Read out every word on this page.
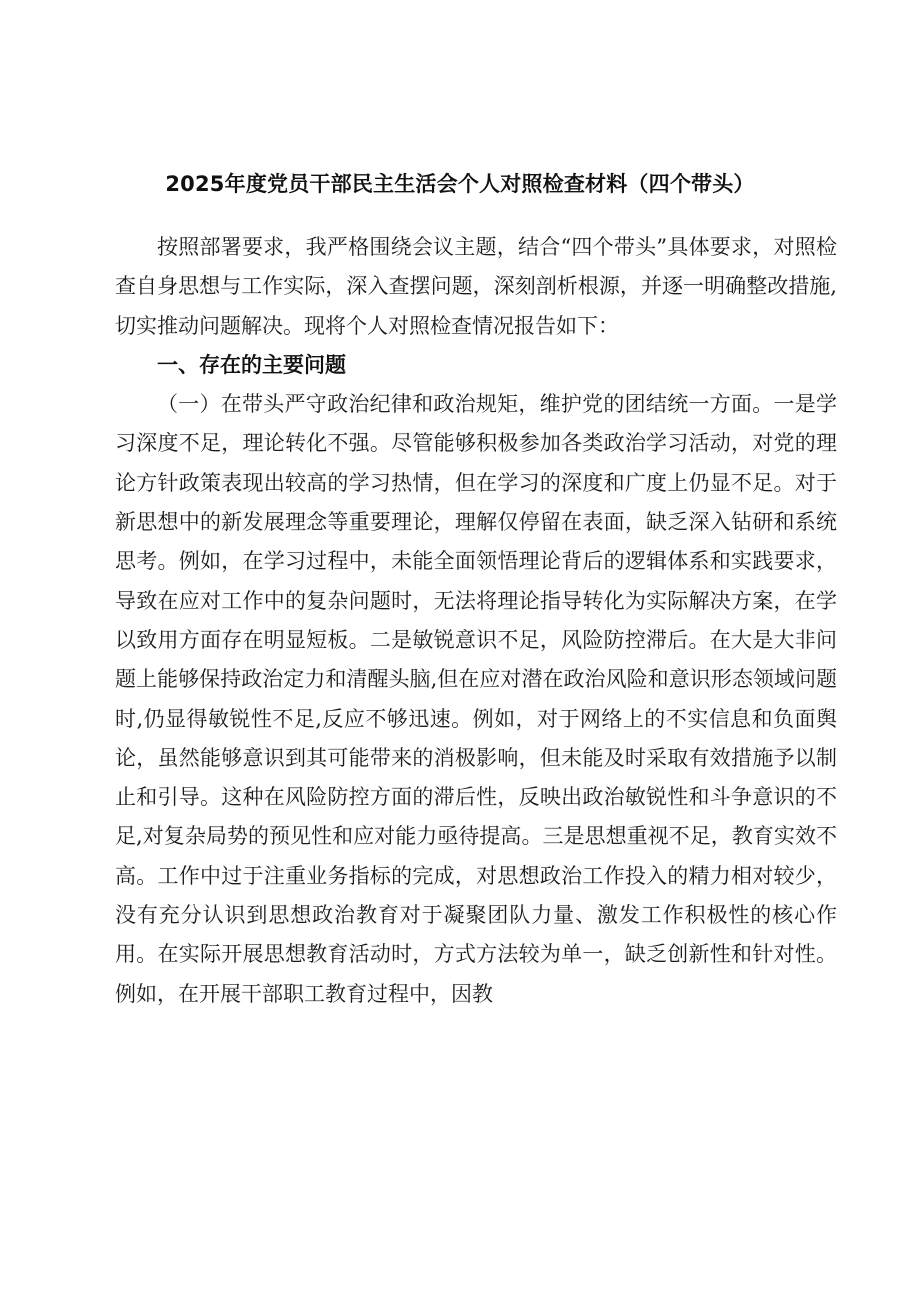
2025年度党员干部民主生活会个人对照检查材料（四个带头）

按照部署要求，我严格围绕会议主题，结合“四个带头”具体要求，对照检查自身思想与工作实际，深入查摆问题，深刻剖析根源，并逐一明确整改措施,切实推动问题解决。现将个人对照检查情况报告如下：

一、存在的主要问题

（一）在带头严守政治纪律和政治规矩，维护党的团结统一方面。一是学习深度不足，理论转化不强。尽管能够积极参加各类政治学习活动，对党的理论方针政策表现出较高的学习热情，但在学习的深度和广度上仍显不足。对于新思想中的新发展理念等重要理论，理解仅停留在表面，缺乏深入钻研和系统思考。例如，在学习过程中，未能全面领悟理论背后的逻辑体系和实践要求，导致在应对工作中的复杂问题时，无法将理论指导转化为实际解决方案，在学以致用方面存在明显短板。二是敏锐意识不足，风险防控滞后。在大是大非问题上能够保持政治定力和清醒头脑,但在应对潜在政治风险和意识形态领域问题时,仍显得敏锐性不足,反应不够迅速。例如，对于网络上的不实信息和负面舆论，虽然能够意识到其可能带来的消极影响，但未能及时采取有效措施予以制止和引导。这种在风险防控方面的滞后性，反映出政治敏锐性和斗争意识的不足,对复杂局势的预见性和应对能力亟待提高。三是思想重视不足，教育实效不高。工作中过于注重业务指标的完成，对思想政治工作投入的精力相对较少，没有充分认识到思想政治教育对于凝聚团队力量、激发工作积极性的核心作用。在实际开展思想教育活动时，方式方法较为单一，缺乏创新性和针对性。例如，在开展干部职工教育过程中，因教
